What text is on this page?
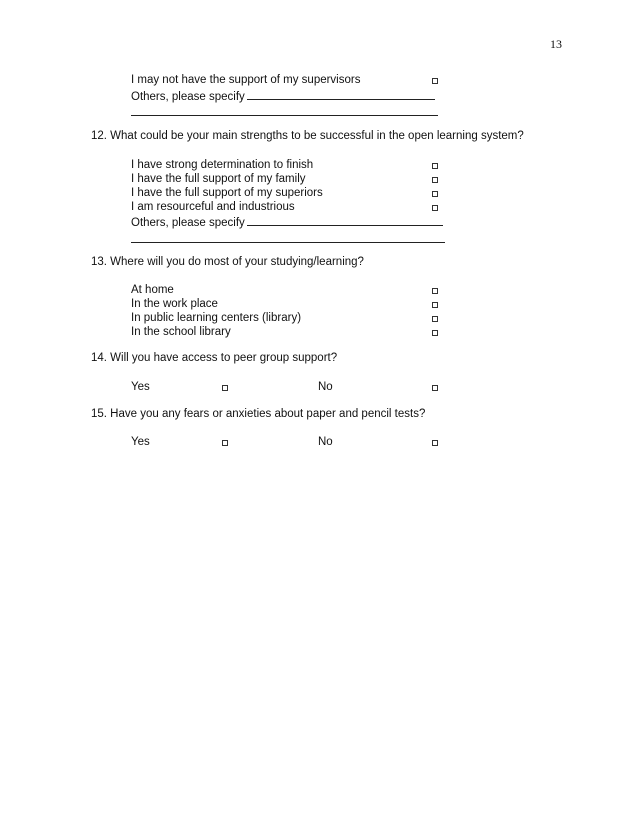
13
I may not have the support of my supervisors
Others, please specify
12. What could be your main strengths to be successful in the open learning system?
I have strong determination to finish
I have the full support of my family
I have the full support of my superiors
I am resourceful and industrious
Others, please specify
13. Where will you do most of your studying/learning?
At home
In the work place
In public learning centers (library)
In the school library
14. Will you have access to peer group support?
Yes	No
15. Have you any fears or anxieties about paper and pencil tests?
Yes	No
